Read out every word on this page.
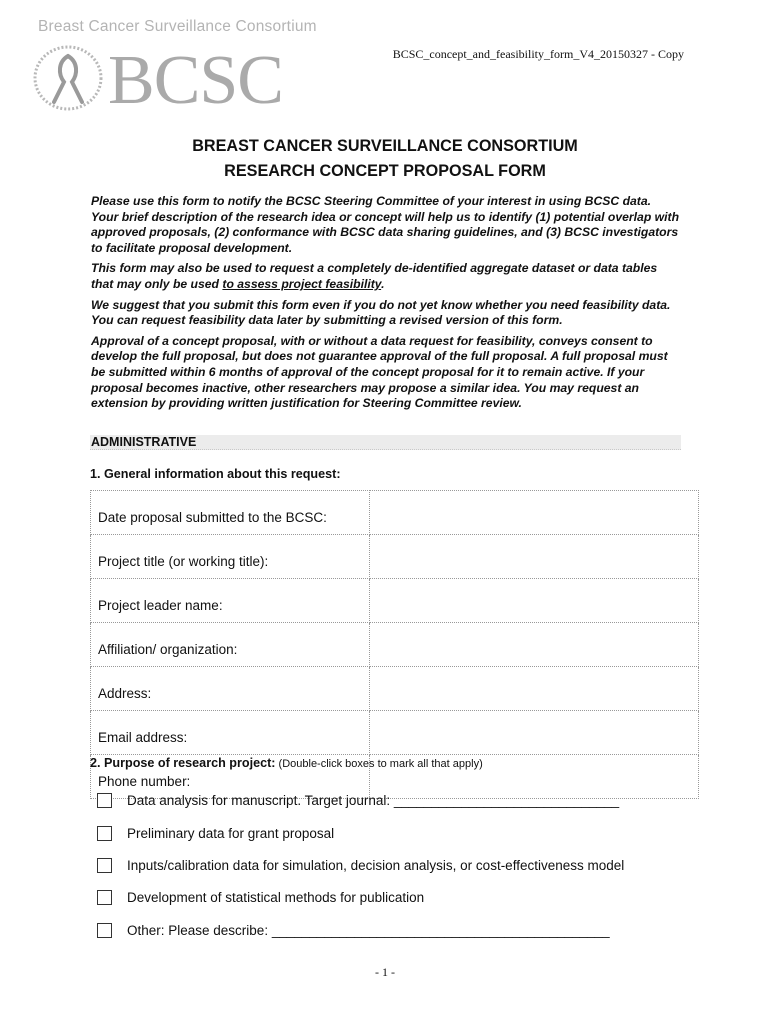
Breast Cancer Surveillance Consortium
BCSC	BCSC_concept_and_feasibility_form_V4_20150327 - Copy
BREAST CANCER SURVEILLANCE CONSORTIUM
RESEARCH CONCEPT PROPOSAL FORM

Please use this form to notify the BCSC Steering Committee of your interest in using BCSC data. Your brief description of the research idea or concept will help us to identify (1) potential overlap with approved proposals, (2) conformance with BCSC data sharing guidelines, and (3) BCSC investigators to facilitate proposal development.

This form may also be used to request a completely de-identified aggregate dataset or data tables that may only be used to assess project feasibility.

We suggest that you submit this form even if you do not yet know whether you need feasibility data. You can request feasibility data later by submitting a revised version of this form.

Approval of a concept proposal, with or without a data request for feasibility, conveys consent to develop the full proposal, but does not guarantee approval of the full proposal. A full proposal must be submitted within 6 months of approval of the concept proposal for it to remain active. If your proposal becomes inactive, other researchers may propose a similar idea. You may request an extension by providing written justification for Steering Committee review.

ADMINISTRATIVE
1. General information about this request:
Date proposal submitted to the BCSC:	
Project title (or working title):	
Project leader name:	
Affiliation/ organization:	
Address:	
Email address:	
Phone number:	
2. Purpose of research project: (Double-click boxes to mark all that apply)
Data analysis for manuscript. Target journal: ______________________________
Preliminary data for grant proposal
Inputs/calibration data for simulation, decision analysis, or cost-effectiveness model
Development of statistical methods for publication
Other: Please describe: _____________________________________________
- 1 -
